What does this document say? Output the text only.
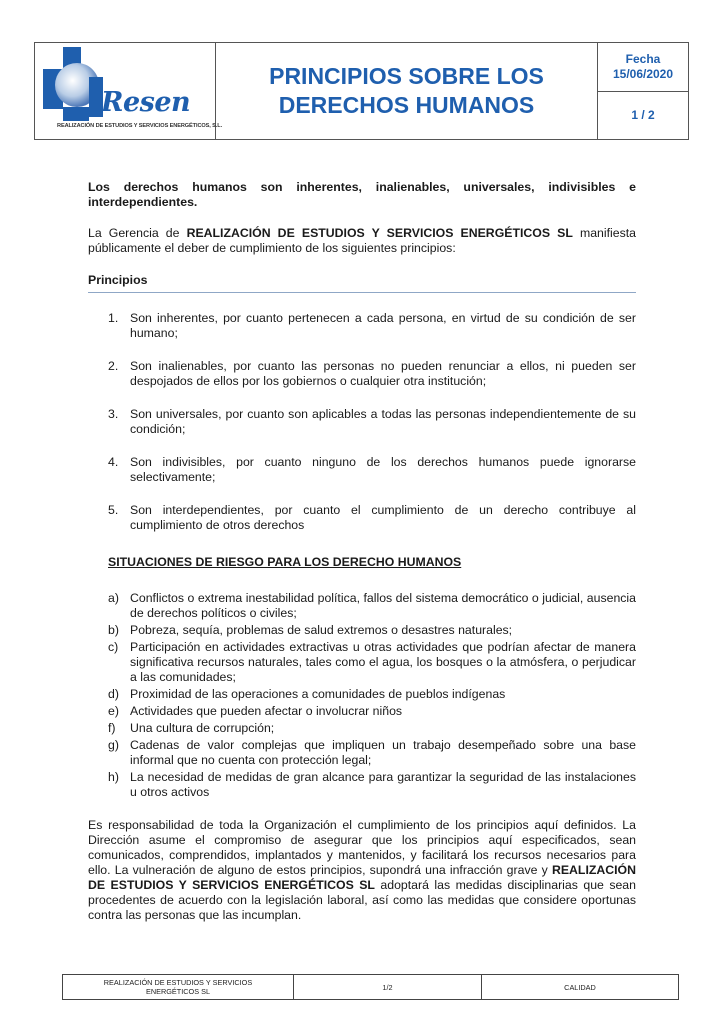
Resen
REALIZACIÓN DE ESTUDIOS Y SERVICIOS ENERGÉTICOS, S.L.
PRINCIPIOS SOBRE LOS
DERECHOS HUMANOS
Fecha
15/06/2020
1 / 2

Los derechos humanos son inherentes, inalienables, universales, indivisibles e interdependientes.

La Gerencia de REALIZACIÓN DE ESTUDIOS Y SERVICIOS ENERGÉTICOS SL manifiesta públicamente el deber de cumplimiento de los siguientes principios:

Principios
1. Son inherentes, por cuanto pertenecen a cada persona, en virtud de su condición de ser humano;
2. Son inalienables, por cuanto las personas no pueden renunciar a ellos, ni pueden ser despojados de ellos por los gobiernos o cualquier otra institución;
3. Son universales, por cuanto son aplicables a todas las personas independientemente de su condición;
4. Son indivisibles, por cuanto ninguno de los derechos humanos puede ignorarse selectivamente;
5. Son interdependientes, por cuanto el cumplimiento de un derecho contribuye al cumplimiento de otros derechos
SITUACIONES DE RIESGO PARA LOS DERECHO HUMANOS
a) Conflictos o extrema inestabilidad política, fallos del sistema democrático o judicial, ausencia de derechos políticos o civiles;
b) Pobreza, sequía, problemas de salud extremos o desastres naturales;
c) Participación en actividades extractivas u otras actividades que podrían afectar de manera significativa recursos naturales, tales como el agua, los bosques o la atmósfera, o perjudicar a las comunidades;
d) Proximidad de las operaciones a comunidades de pueblos indígenas
e) Actividades que pueden afectar o involucrar niños
f)	Una cultura de corrupción;
g) Cadenas de valor complejas que impliquen un trabajo desempeñado sobre una base informal que no cuenta con protección legal;
h) La necesidad de medidas de gran alcance para garantizar la seguridad de las instalaciones u otros activos

Es responsabilidad de toda la Organización el cumplimiento de los principios aquí definidos. La Dirección asume el compromiso de asegurar que los principios aquí especificados, sean comunicados, comprendidos, implantados y mantenidos, y facilitará los recursos necesarios para ello. La vulneración de alguno de estos principios, supondrá una infracción grave y REALIZACIÓN DE ESTUDIOS Y SERVICIOS ENERGÉTICOS SL adoptará las medidas disciplinarias que sean procedentes de acuerdo con la legislación laboral, así como las medidas que considere oportunas contra las personas que las incumplan.

REALIZACIÓN DE ESTUDIOS Y SERVICIOS
ENERGÉTICOS SL	1/2	CALIDAD
